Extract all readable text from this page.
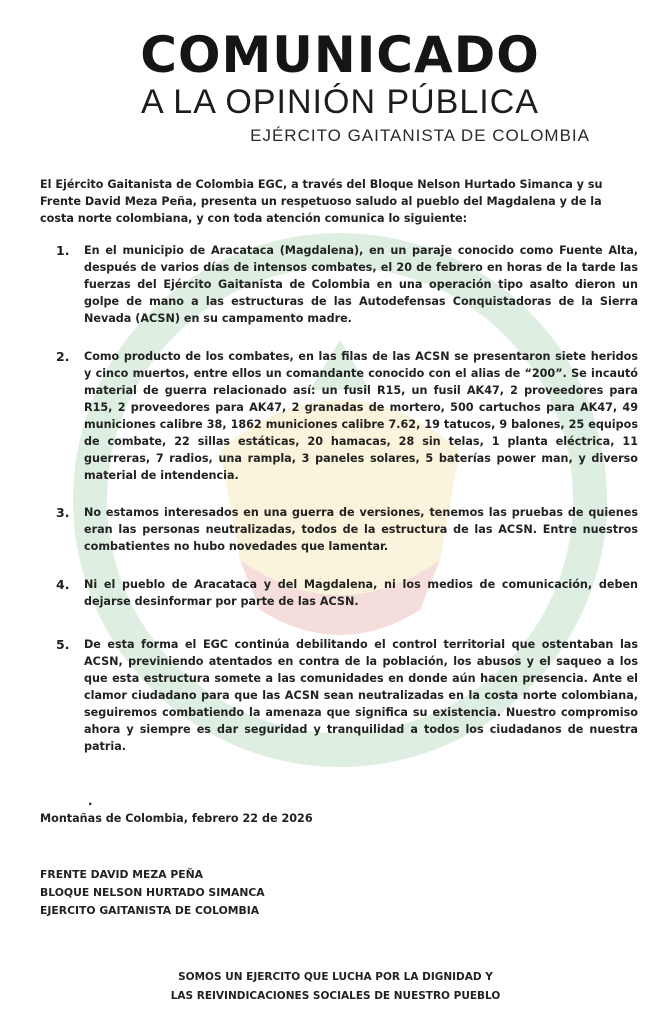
COMUNICADO
A LA OPINIÓN PÚBLICA
EJÉRCITO GAITANISTA DE COLOMBIA
El Ejército Gaitanista de Colombia EGC, a través del Bloque Nelson Hurtado Simanca y su Frente David Meza Peña, presenta un respetuoso saludo al pueblo del Magdalena y de la costa norte colombiana, y con toda atención comunica lo siguiente:
1.	En el municipio de Aracataca (Magdalena), en un paraje conocido como Fuente Alta, después de varios días de intensos combates, el 20 de febrero en horas de la tarde las fuerzas del Ejército Gaitanista de Colombia en una operación tipo asalto dieron un golpe de mano a las estructuras de las Autodefensas Conquistadoras de la Sierra Nevada (ACSN) en su campamento madre.
2.	Como producto de los combates, en las filas de las ACSN se presentaron siete heridos y cinco muertos, entre ellos un comandante conocido con el alias de “200”. Se incautó material de guerra relacionado así: un fusil R15, un fusil AK47, 2 proveedores para R15, 2 proveedores para AK47, 2 granadas de mortero, 500 cartuchos para AK47, 49 municiones calibre 38, 1862 municiones calibre 7.62, 19 tatucos, 9 balones, 25 equipos de combate, 22 sillas estáticas, 20 hamacas, 28 sin telas, 1 planta eléctrica, 11 guerreras, 7 radios, una rampla, 3 paneles solares, 5 baterías power man, y diverso material de intendencia.
3.	No estamos interesados en una guerra de versiones, tenemos las pruebas de quienes eran las personas neutralizadas, todos de la estructura de las ACSN. Entre nuestros combatientes no hubo novedades que lamentar.
4.	Ni el pueblo de Aracataca y del Magdalena, ni los medios de comunicación, deben dejarse desinformar por parte de las ACSN.
5.	De esta forma el EGC continúa debilitando el control territorial que ostentaban las ACSN, previniendo atentados en contra de la población, los abusos y el saqueo a los que esta estructura somete a las comunidades en donde aún hacen presencia. Ante el clamor ciudadano para que las ACSN sean neutralizadas en la costa norte colombiana, seguiremos combatiendo la amenaza que significa su existencia. Nuestro compromiso ahora y siempre es dar seguridad y tranquilidad a todos los ciudadanos de nuestra patria.
.
Montañas de Colombia, febrero 22 de 2026
FRENTE DAVID MEZA PEÑA
BLOQUE NELSON HURTADO SIMANCA
EJERCITO GAITANISTA DE COLOMBIA
SOMOS UN EJERCITO QUE LUCHA POR LA DIGNIDAD Y
LAS REIVINDICACIONES SOCIALES DE NUESTRO PUEBLO
